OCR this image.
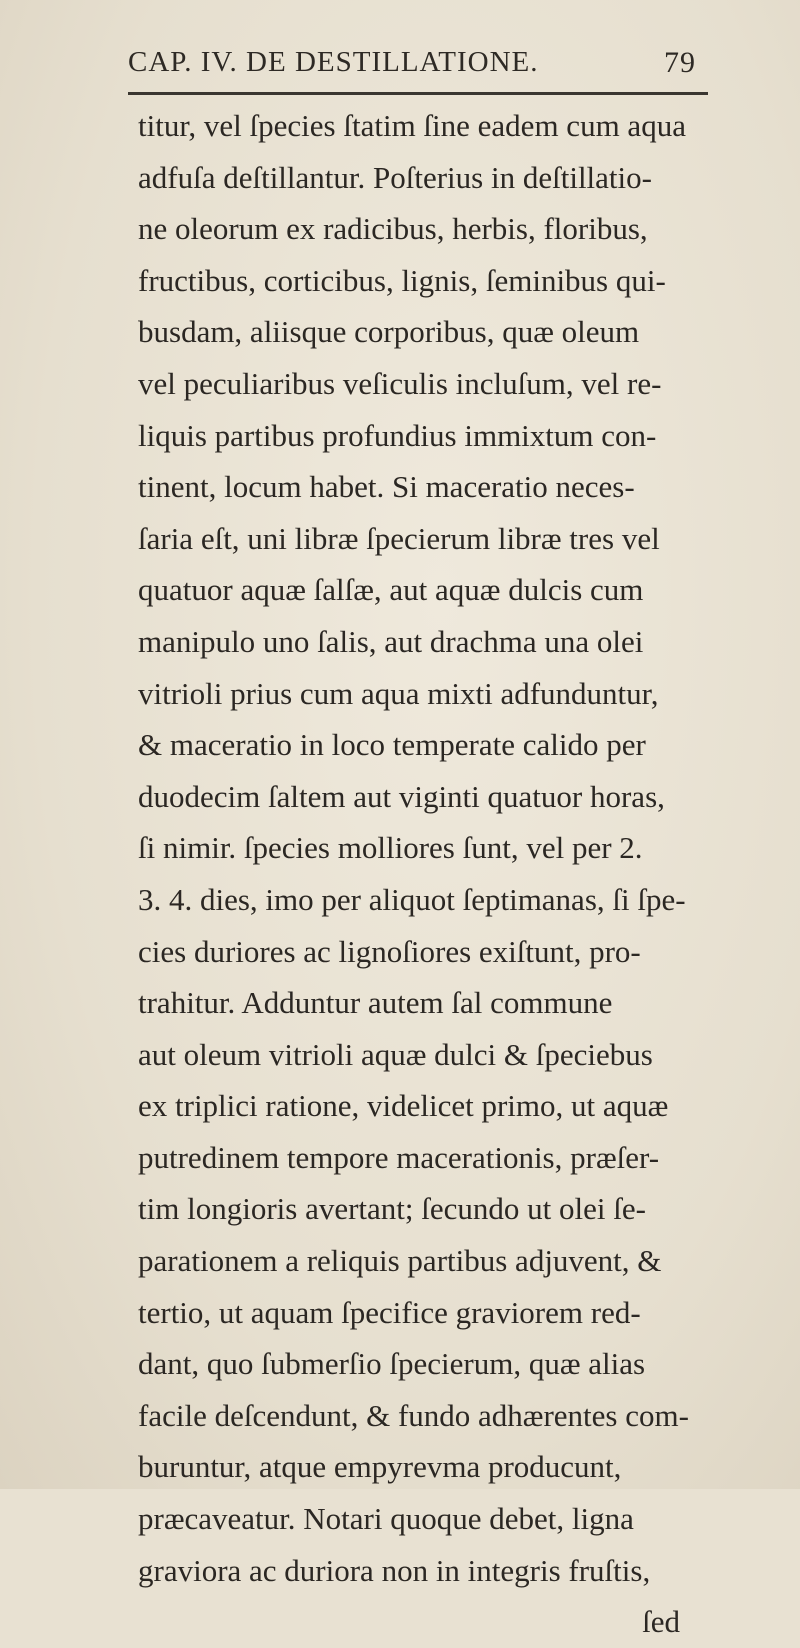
CAP. IV. DE DESTILLATIONE.	79
titur, vel ſpecies ſtatim ſine eadem cum aqua
adfuſa deſtillantur. Poſterius in deſtillatio-
ne oleorum ex radicibus, herbis, floribus,
fructibus, corticibus, lignis, ſeminibus qui-
busdam, aliisque corporibus, quæ oleum
vel peculiaribus veſiculis incluſum, vel re-
liquis partibus profundius immixtum con-
tinent, locum habet. Si maceratio neces-
ſaria eſt, uni libræ ſpecierum libræ tres vel
quatuor aquæ ſalſæ, aut aquæ dulcis cum
manipulo uno ſalis, aut drachma una olei
vitrioli prius cum aqua mixti adfunduntur,
& maceratio in loco temperate calido per
duodecim ſaltem aut viginti quatuor horas,
ſi nimir. ſpecies molliores ſunt, vel per 2.
3. 4. dies, imo per aliquot ſeptimanas, ſi ſpe-
cies duriores ac lignoſiores exiſtunt, pro-
trahitur. Adduntur autem ſal commune
aut oleum vitrioli aquæ dulci & ſpeciebus
ex triplici ratione, videlicet primo, ut aquæ
putredinem tempore macerationis, præſer-
tim longioris avertant; ſecundo ut olei ſe-
parationem a reliquis partibus adjuvent, &
tertio, ut aquam ſpecifice graviorem red-
dant, quo ſubmerſio ſpecierum, quæ alias
facile deſcendunt, & fundo adhærentes com-
buruntur, atque empyrevma producunt,
præcaveatur. Notari quoque debet, ligna
graviora ac duriora non in integris fruſtis,
ſed
